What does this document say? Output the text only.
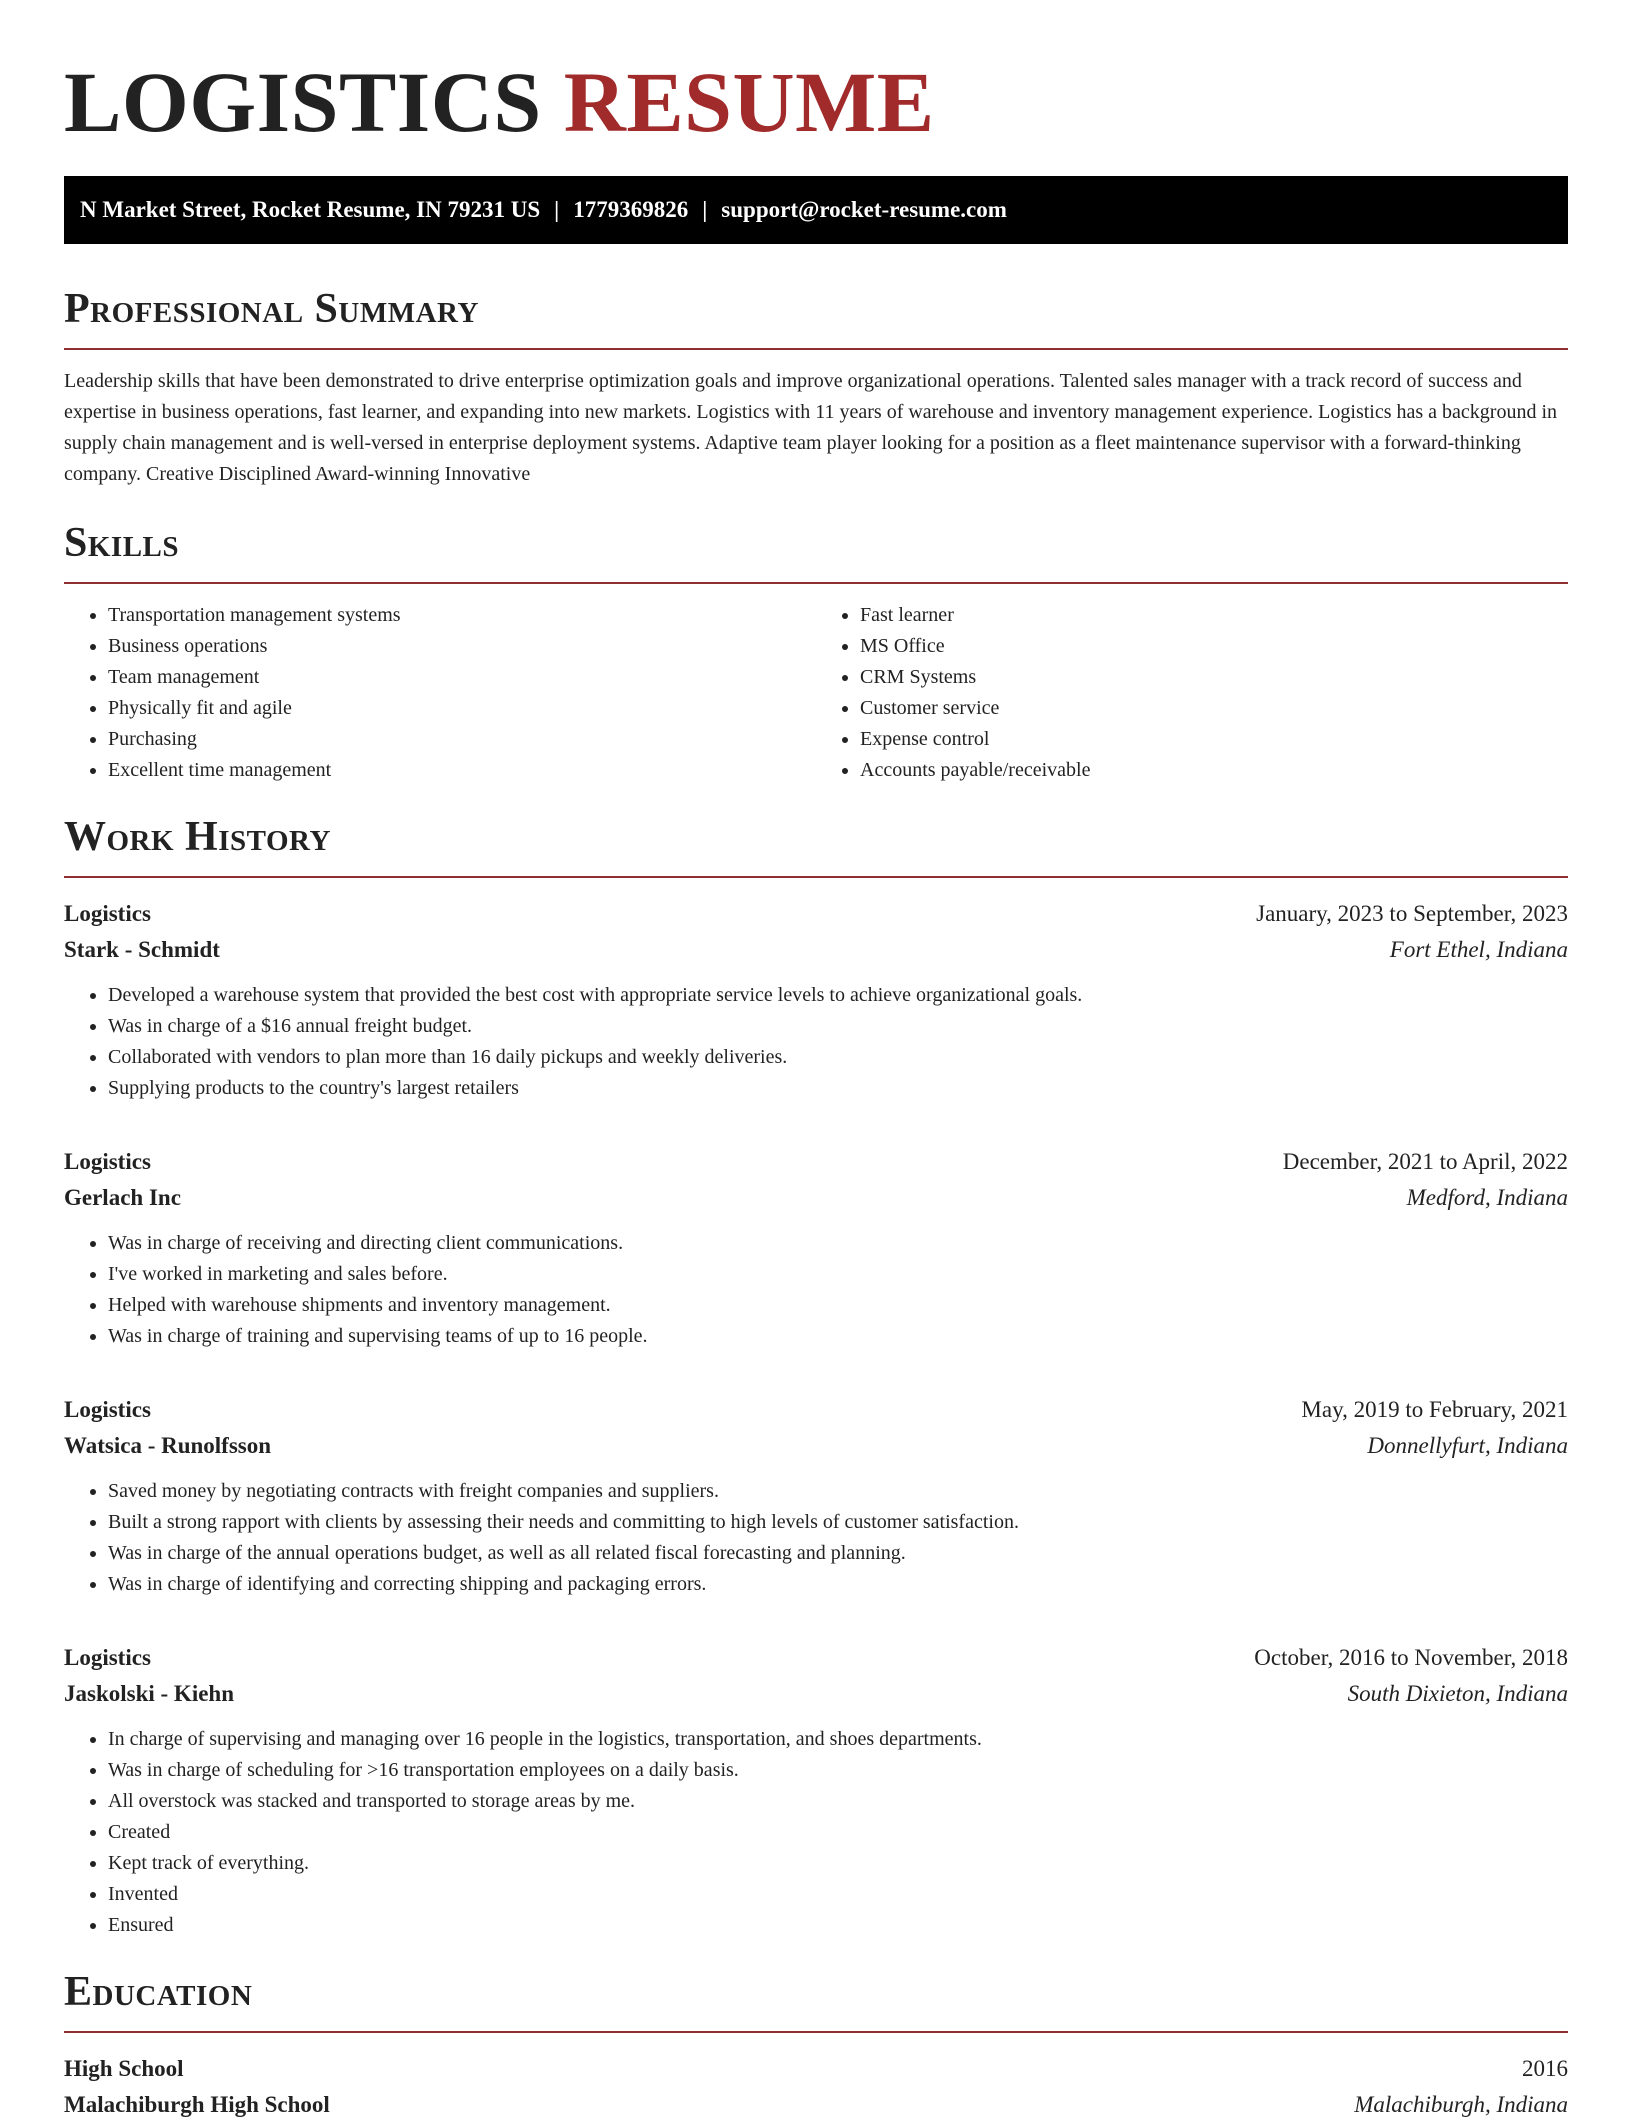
LOGISTICS RESUME
N Market Street, Rocket Resume, IN 79231 US | 1779369826 | support@rocket-resume.com
Professional Summary

Leadership skills that have been demonstrated to drive enterprise optimization goals and improve organizational operations. Talented sales manager with a track record of success and expertise in business operations, fast learner, and expanding into new markets. Logistics with 11 years of warehouse and inventory management experience. Logistics has a background in supply chain management and is well-versed in enterprise deployment systems. Adaptive team player looking for a position as a fleet maintenance supervisor with a forward-thinking company. Creative Disciplined Award-winning Innovative

Skills
• Transportation management systems
• Business operations
• Team management
• Physically fit and agile
• Purchasing
• Excellent time management
• Fast learner
• MS Office
• CRM Systems
• Customer service
• Expense control
• Accounts payable/receivable
Work History
Logistics	January, 2023 to September, 2023
Stark - Schmidt	Fort Ethel, Indiana
• Developed a warehouse system that provided the best cost with appropriate service levels to achieve organizational goals.
• Was in charge of a $16 annual freight budget.
• Collaborated with vendors to plan more than 16 daily pickups and weekly deliveries.
• Supplying products to the country's largest retailers
Logistics	December, 2021 to April, 2022
Gerlach Inc	Medford, Indiana
• Was in charge of receiving and directing client communications.
• I've worked in marketing and sales before.
• Helped with warehouse shipments and inventory management.
• Was in charge of training and supervising teams of up to 16 people.
Logistics	May, 2019 to February, 2021
Watsica - Runolfsson	Donnellyfurt, Indiana
• Saved money by negotiating contracts with freight companies and suppliers.
• Built a strong rapport with clients by assessing their needs and committing to high levels of customer satisfaction.
• Was in charge of the annual operations budget, as well as all related fiscal forecasting and planning.
• Was in charge of identifying and correcting shipping and packaging errors.
Logistics	October, 2016 to November, 2018
Jaskolski - Kiehn	South Dixieton, Indiana
• In charge of supervising and managing over 16 people in the logistics, transportation, and shoes departments.
• Was in charge of scheduling for >16 transportation employees on a daily basis.
• All overstock was stacked and transported to storage areas by me.
• Created
• Kept track of everything.
• Invented
• Ensured
Education
High School	2016
Malachiburgh High School	Malachiburgh, Indiana
